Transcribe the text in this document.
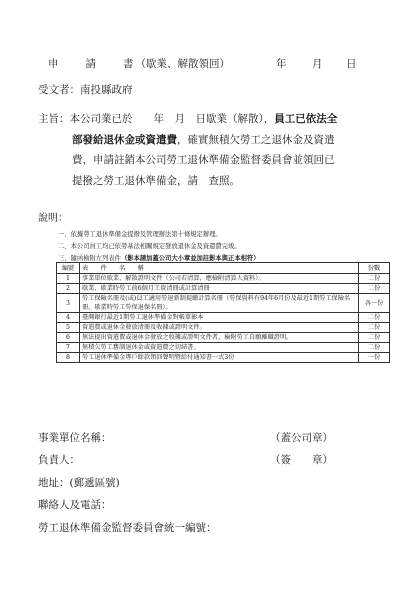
申　　請　　書（歇業、解散領回）	年 月 日
受文者：南投縣政府
主旨：本公司業已於　　年　月　日歇業（解散），員工已依法全
部發給退休金或資遣費，確實無積欠勞工之退休金及資遣
費，申請註銷本公司勞工退休準備金監督委員會並領回已
提撥之勞工退休準備金，請　查照。
說明：
一、依據勞工退休準備金提撥及管理辦法第十條規定辦理。
二、本公司員工均已依勞基法相關規定發放退休金及資遣費完竣。
三、隨函檢附左列表件（影本請加蓋公司大小章並加註影本與正本相符）
編號	表　　件　　名　　稱	份數
1	事業單位歇業、解散證明文件（公司若清算，應檢附清算人資料）。	二份
2	歇業、歇業時勞工前6個月工資清冊或計算清冊	二份
3	勞工保險名冊及(或)員工適用勞退新制提繳計算名冊（勞保資料有94年6月份及最近1期勞工保險名冊，歇業時勞工勞保退保名冊）。	各一份
4	臺灣銀行最近1期勞工退休準備金對帳單影本	二份
5	資遣費或退休金發放清冊及收據或證明文件。	二份
6	無法提出資遣費或退休金發放之收據或證明文件者，檢附勞工自願離職證明。	二份
7	無積欠勞工舊制退休金或資遣費之切結書。	二份
8	勞工退休準備金專戶餘款領回聲明暨給付通知書一式3份	一份
事業單位名稱：	（蓋公司章）
負責人：	（簽　　章）
地址：(郵遞區號)
聯絡人及電話：
勞工退休準備金監督委員會統一編號：
